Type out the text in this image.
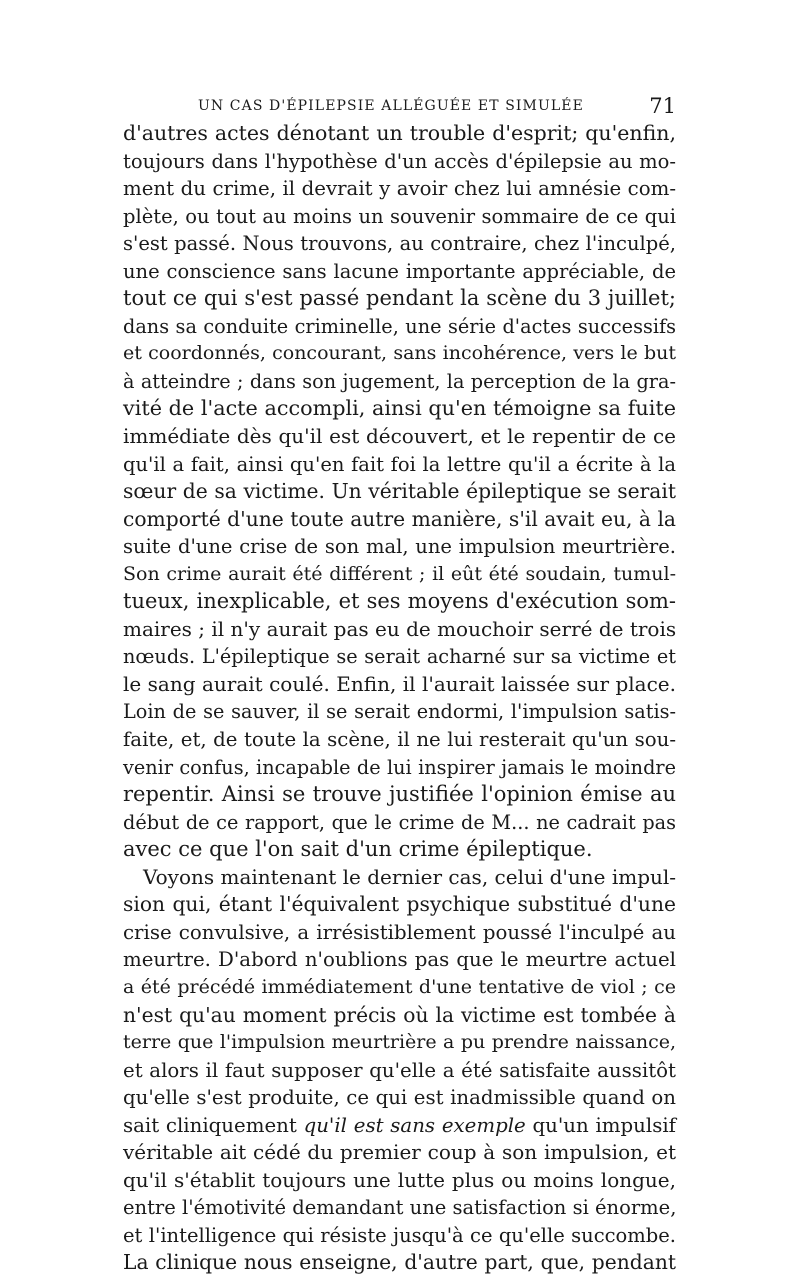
UN CAS D'ÉPILEPSIE ALLÉGUÉE ET SIMULÉE	71
d'autres actes dénotant un trouble d'esprit; qu'enfin,
toujours dans l'hypothèse d'un accès d'épilepsie au mo-
ment du crime, il devrait y avoir chez lui amnésie com-
plète, ou tout au moins un souvenir sommaire de ce qui
s'est passé. Nous trouvons, au contraire, chez l'inculpé,
une conscience sans lacune importante appréciable, de
tout ce qui s'est passé pendant la scène du 3 juillet;
dans sa conduite criminelle, une série d'actes successifs
et coordonnés, concourant, sans incohérence, vers le but
à atteindre ; dans son jugement, la perception de la gra-
vité de l'acte accompli, ainsi qu'en témoigne sa fuite
immédiate dès qu'il est découvert, et le repentir de ce
qu'il a fait, ainsi qu'en fait foi la lettre qu'il a écrite à la
sœur de sa victime. Un véritable épileptique se serait
comporté d'une toute autre manière, s'il avait eu, à la
suite d'une crise de son mal, une impulsion meurtrière.
Son crime aurait été différent ; il eût été soudain, tumul-
tueux, inexplicable, et ses moyens d'exécution som-
maires ; il n'y aurait pas eu de mouchoir serré de trois
nœuds. L'épileptique se serait acharné sur sa victime et
le sang aurait coulé. Enfin, il l'aurait laissée sur place.
Loin de se sauver, il se serait endormi, l'impulsion satis-
faite, et, de toute la scène, il ne lui resterait qu'un sou-
venir confus, incapable de lui inspirer jamais le moindre
repentir. Ainsi se trouve justifiée l'opinion émise au
début de ce rapport, que le crime de M... ne cadrait pas
avec ce que l'on sait d'un crime épileptique.
Voyons maintenant le dernier cas, celui d'une impul-
sion qui, étant l'équivalent psychique substitué d'une
crise convulsive, a irrésistiblement poussé l'inculpé au
meurtre. D'abord n'oublions pas que le meurtre actuel
a été précédé immédiatement d'une tentative de viol ; ce
n'est qu'au moment précis où la victime est tombée à
terre que l'impulsion meurtrière a pu prendre naissance,
et alors il faut supposer qu'elle a été satisfaite aussitôt
qu'elle s'est produite, ce qui est inadmissible quand on
sait cliniquement qu'il est sans exemple qu'un impulsif
véritable ait cédé du premier coup à son impulsion, et
qu'il s'établit toujours une lutte plus ou moins longue,
entre l'émotivité demandant une satisfaction si énorme,
et l'intelligence qui résiste jusqu'à ce qu'elle succombe.
La clinique nous enseigne, d'autre part, que, pendant
